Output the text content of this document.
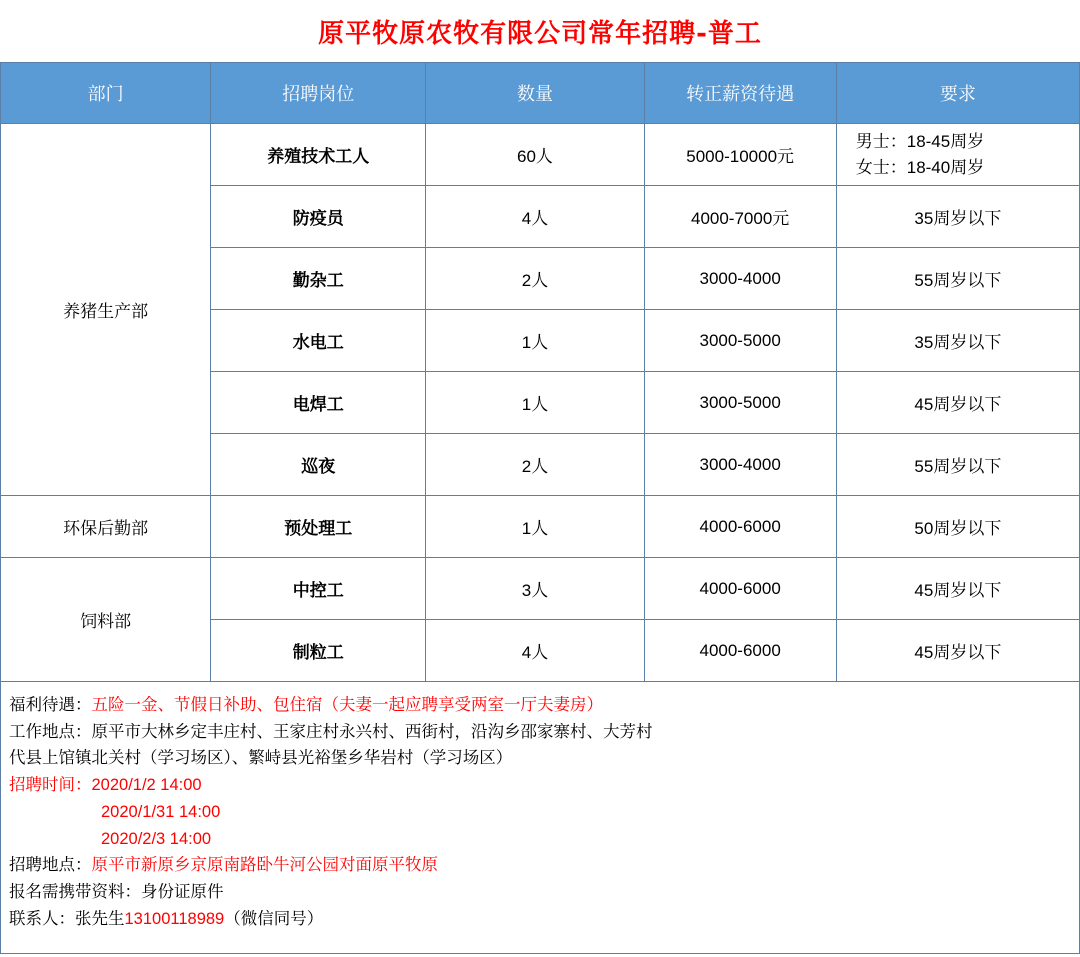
原平牧原农牧有限公司常年招聘-普工
部门	招聘岗位	数量	转正薪资待遇	要求
养猪生产部	养殖技术工人	60人	5000-10000元	男士：18-45周岁
女士：18-40周岁

	防疫员	4人	4000-7000元	35周岁以下
	勤杂工	2人	3000-4000	55周岁以下
	水电工	1人	3000-5000	35周岁以下
	电焊工	1人	3000-5000	45周岁以下
	巡夜	2人	3000-4000	55周岁以下
环保后勤部	预处理工	1人	4000-6000	50周岁以下
饲料部	中控工	3人	4000-6000	45周岁以下
	制粒工	4人	4000-6000	45周岁以下
福利待遇：五险一金、节假日补助、包住宿（夫妻一起应聘享受两室一厅夫妻房）
工作地点：原平市大林乡定丰庄村、王家庄村永兴村、西街村，沿沟乡邵家寨村、大芳村
代县上馆镇北关村（学习场区）、繁峙县光裕堡乡华岩村（学习场区）
招聘时间：2020/1/2 14:00
2020/1/31 14:00
2020/2/3 14:00
招聘地点：原平市新原乡京原南路卧牛河公园对面原平牧原
报名需携带资料：身份证原件
联系人：张先生13100118989（微信同号）
